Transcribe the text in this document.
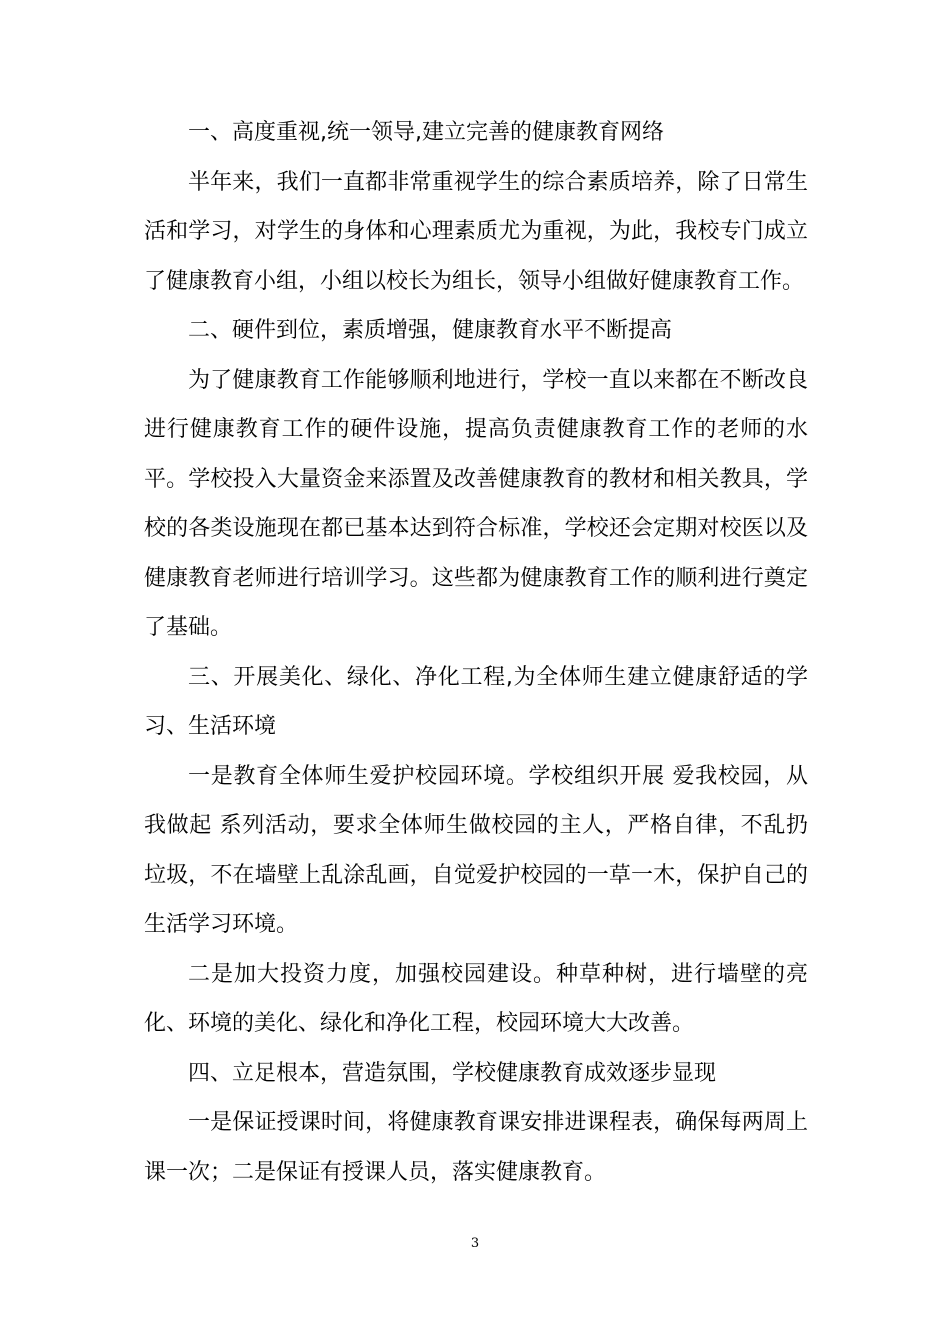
一、高度重视,统一领导,建立完善的健康教育网络

半年来，我们一直都非常重视学生的综合素质培养，除了日常生活和学习，对学生的身体和心理素质尤为重视，为此，我校专门成立了健康教育小组，小组以校长为组长，领导小组做好健康教育工作。

二、硬件到位，素质增强，健康教育水平不断提高

为了健康教育工作能够顺利地进行，学校一直以来都在不断改良进行健康教育工作的硬件设施，提高负责健康教育工作的老师的水平。学校投入大量资金来添置及改善健康教育的教材和相关教具，学校的各类设施现在都已基本达到符合标准，学校还会定期对校医以及健康教育老师进行培训学习。这些都为健康教育工作的顺利进行奠定了基础。

三、开展美化、绿化、净化工程,为全体师生建立健康舒适的学习、生活环境

一是教育全体师生爱护校园环境。学校组织开展 爱我校园，从我做起 系列活动，要求全体师生做校园的主人，严格自律，不乱扔垃圾，不在墙壁上乱涂乱画，自觉爱护校园的一草一木，保护自己的生活学习环境。

二是加大投资力度，加强校园建设。种草种树，进行墙壁的亮化、环境的美化、绿化和净化工程，校园环境大大改善。

四、立足根本，营造氛围，学校健康教育成效逐步显现

一是保证授课时间，将健康教育课安排进课程表，确保每两周上课一次；二是保证有授课人员，落实健康教育。

3
